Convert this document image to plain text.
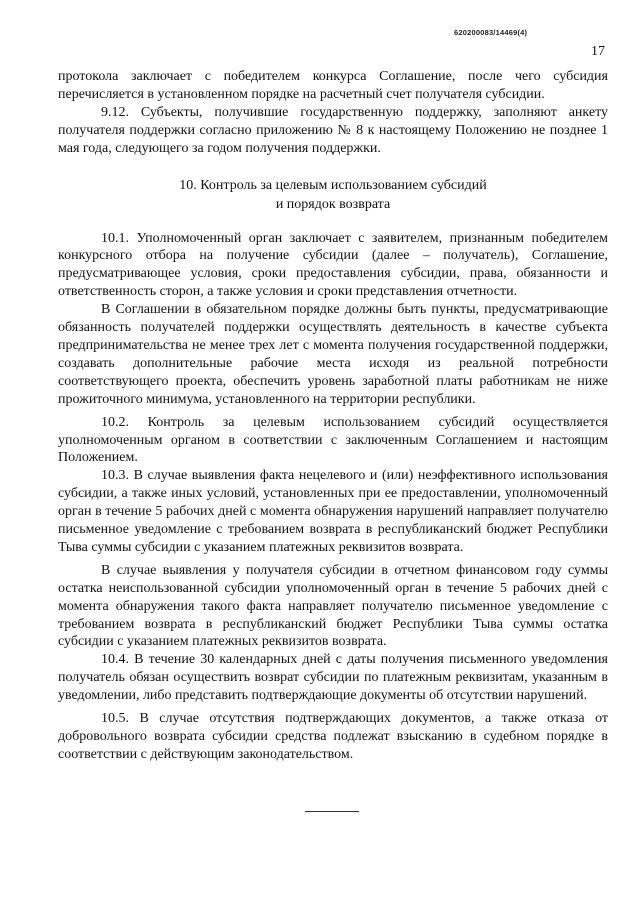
620200083/14469(4)
17

протокола заключает с победителем конкурса Соглашение, после чего субсидия перечисляется в установленном порядке на расчетный счет получателя субсидии.

9.12. Субъекты, получившие государственную поддержку, заполняют анкету получателя поддержки согласно приложению № 8 к настоящему Положению не позднее 1 мая года, следующего за годом получения поддержки.

10. Контроль за целевым использованием субсидий
и порядок возврата

10.1. Уполномоченный орган заключает с заявителем, признанным победителем конкурсного отбора на получение субсидии (далее – получатель), Соглашение, предусматривающее условия, сроки предоставления субсидии, права, обязанности и ответственность сторон, а также условия и сроки представления отчетности.

В Соглашении в обязательном порядке должны быть пункты, предусматривающие обязанность получателей поддержки осуществлять деятельность в качестве субъекта предпринимательства не менее трех лет с момента получения государственной поддержки, создавать дополнительные рабочие места исходя из реальной потребности соответствующего проекта, обеспечить уровень заработной платы работникам не ниже прожиточного минимума, установленного на территории республики.

10.2. Контроль за целевым использованием субсидий осуществляется уполномоченным органом в соответствии с заключенным Соглашением и настоящим Положением.

10.3. В случае выявления факта нецелевого и (или) неэффективного использования субсидии, а также иных условий, установленных при ее предоставлении, уполномоченный орган в течение 5 рабочих дней с момента обнаружения нарушений направляет получателю письменное уведомление с требованием возврата в республиканский бюджет Республики Тыва суммы субсидии с указанием платежных реквизитов возврата.

В случае выявления у получателя субсидии в отчетном финансовом году суммы остатка неиспользованной субсидии уполномоченный орган в течение 5 рабочих дней с момента обнаружения такого факта направляет получателю письменное уведомление с требованием возврата в республиканский бюджет Республики Тыва суммы остатка субсидии с указанием платежных реквизитов возврата.

10.4. В течение 30 календарных дней с даты получения письменного уведомления получатель обязан осуществить возврат субсидии по платежным реквизитам, указанным в уведомлении, либо представить подтверждающие документы об отсутствии нарушений.

10.5. В случае отсутствия подтверждающих документов, а также отказа от добровольного возврата субсидии средства подлежат взысканию в судебном порядке в соответствии с действующим законодательством.
